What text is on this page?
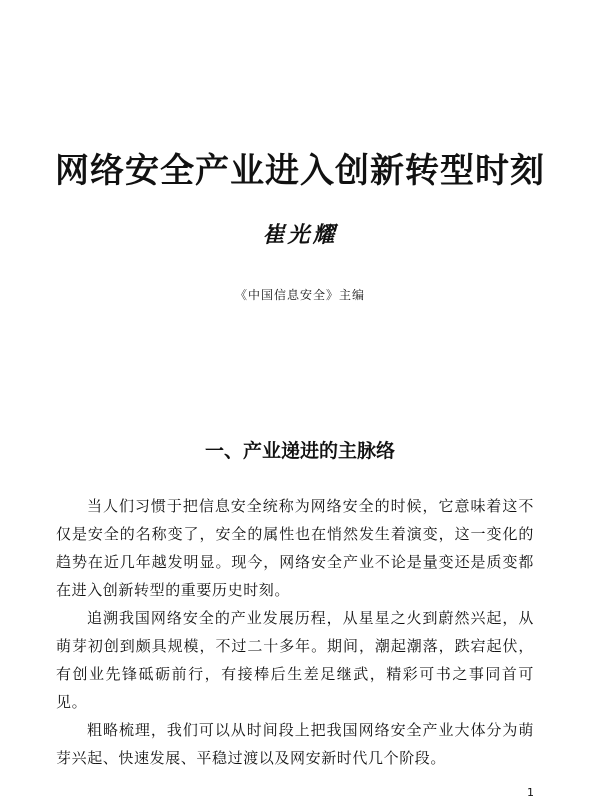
网络安全产业进入创新转型时刻
崔光耀
《中国信息安全》主编
一、产业递进的主脉络

当人们习惯于把信息安全统称为网络安全的时候，它意味着这不仅是安全的名称变了，安全的属性也在悄然发生着演变，这一变化的趋势在近几年越发明显。现今，网络安全产业不论是量变还是质变都在进入创新转型的重要历史时刻。

追溯我国网络安全的产业发展历程，从星星之火到蔚然兴起，从萌芽初创到颇具规模，不过二十多年。期间，潮起潮落，跌宕起伏，有创业先锋砥砺前行，有接棒后生差足继武，精彩可书之事同首可见。

粗略梳理，我们可以从时间段上把我国网络安全产业大体分为萌芽兴起、快速发展、平稳过渡以及网安新时代几个阶段。

1
